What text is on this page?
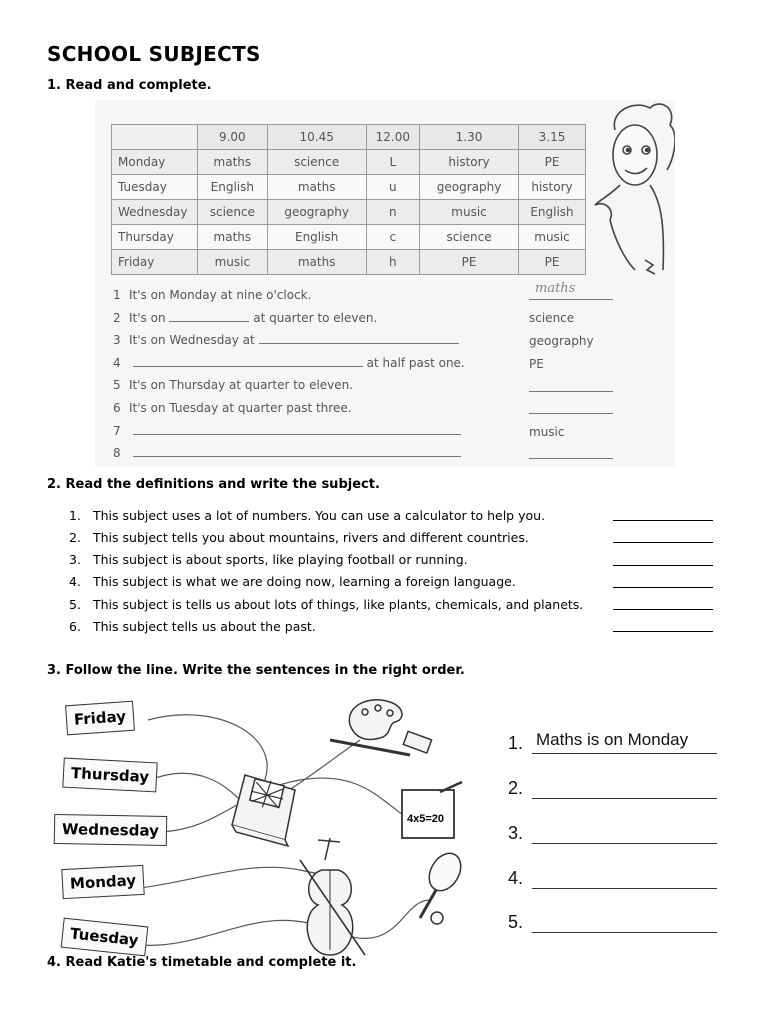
SCHOOL SUBJECTS
1. Read and complete.
	9.00	10.45	12.00	1.30	3.15
Monday	maths	science	L	history	PE
Tuesday	English	maths	u	geography	history
Wednesday	science	geography	n	music	English
Thursday	maths	English	c	science	music
Friday	music	maths	h	PE	PE
maths
1 It's on Monday at nine o'clock.
2 It's on	at quarter to eleven.	science
3 It's on Wednesday at	geography
4	at half past one.	PE
5 It's on Thursday at quarter to eleven.
6 It's on Tuesday at quarter past three.
7	music
8
2. Read the definitions and write the subject.
1. This subject uses a lot of numbers. You can use a calculator to help you.
2. This subject tells you about mountains, rivers and different countries.
3. This subject is about sports, like playing football or running.
4. This subject is what we are doing now, learning a foreign language.
5. This subject is tells us about lots of things, like plants, chemicals, and planets.
6. This subject tells us about the past.
3. Follow the line. Write the sentences in the right order.
4x5=20
Friday
Thursday
Wednesday
Monday
Tuesday
1. Maths is on Monday
2.
3.
4.
5.
4. Read Katie's timetable and complete it.
